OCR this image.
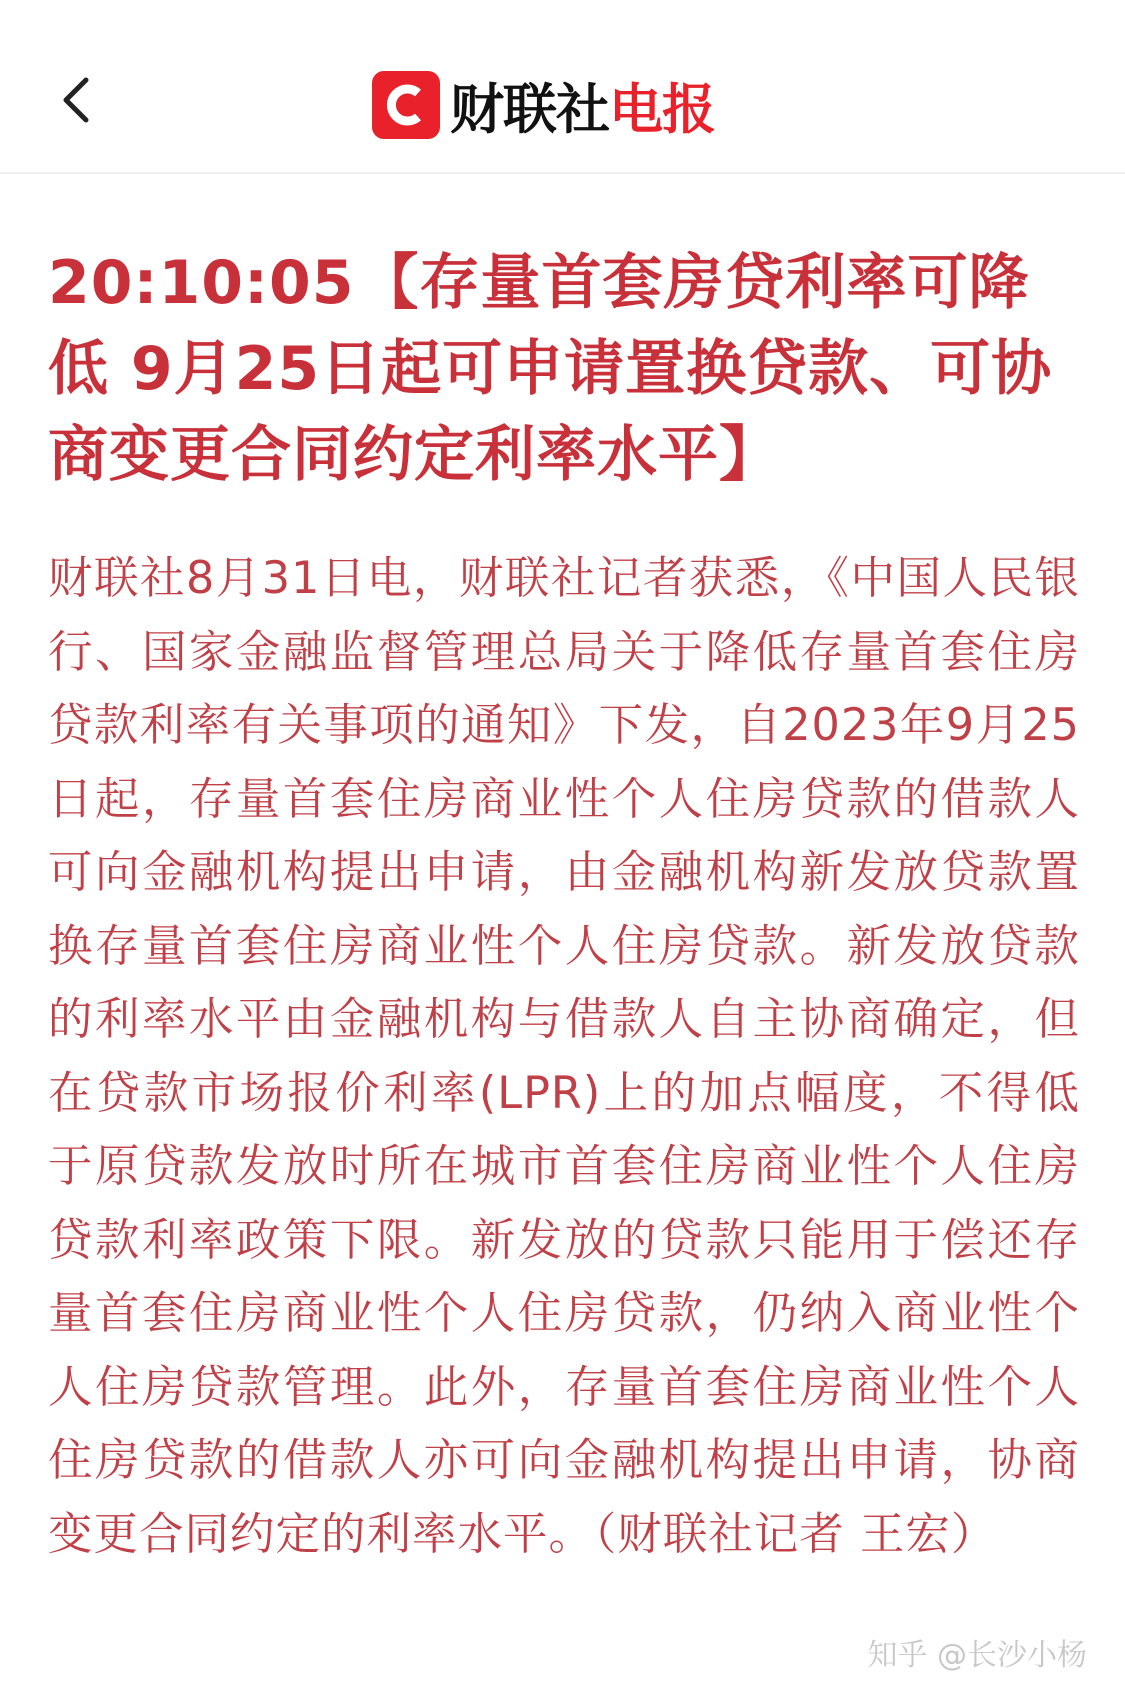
财联社 电报
20:10:05【存量首套房贷利率可降低 9月25日起可申请置换贷款、可协商变更合同约定利率水平】

财联社8月31日电，财联社记者获悉，《中国人民银行、国家金融监督管理总局关于降低存量首套住房贷款利率有关事项的通知》下发，自2023年9月25日起，存量首套住房商业性个人住房贷款的借款人可向金融机构提出申请，由金融机构新发放贷款置换存量首套住房商业性个人住房贷款。新发放贷款的利率水平由金融机构与借款人自主协商确定，但在贷款市场报价利率(LPR)上的加点幅度，不得低于原贷款发放时所在城市首套住房商业性个人住房贷款利率政策下限。新发放的贷款只能用于偿还存量首套住房商业性个人住房贷款，仍纳入商业性个人住房贷款管理。此外，存量首套住房商业性个人住房贷款的借款人亦可向金融机构提出申请，协商变更合同约定的利率水平。（财联社记者 王宏）

知乎 @长沙小杨
